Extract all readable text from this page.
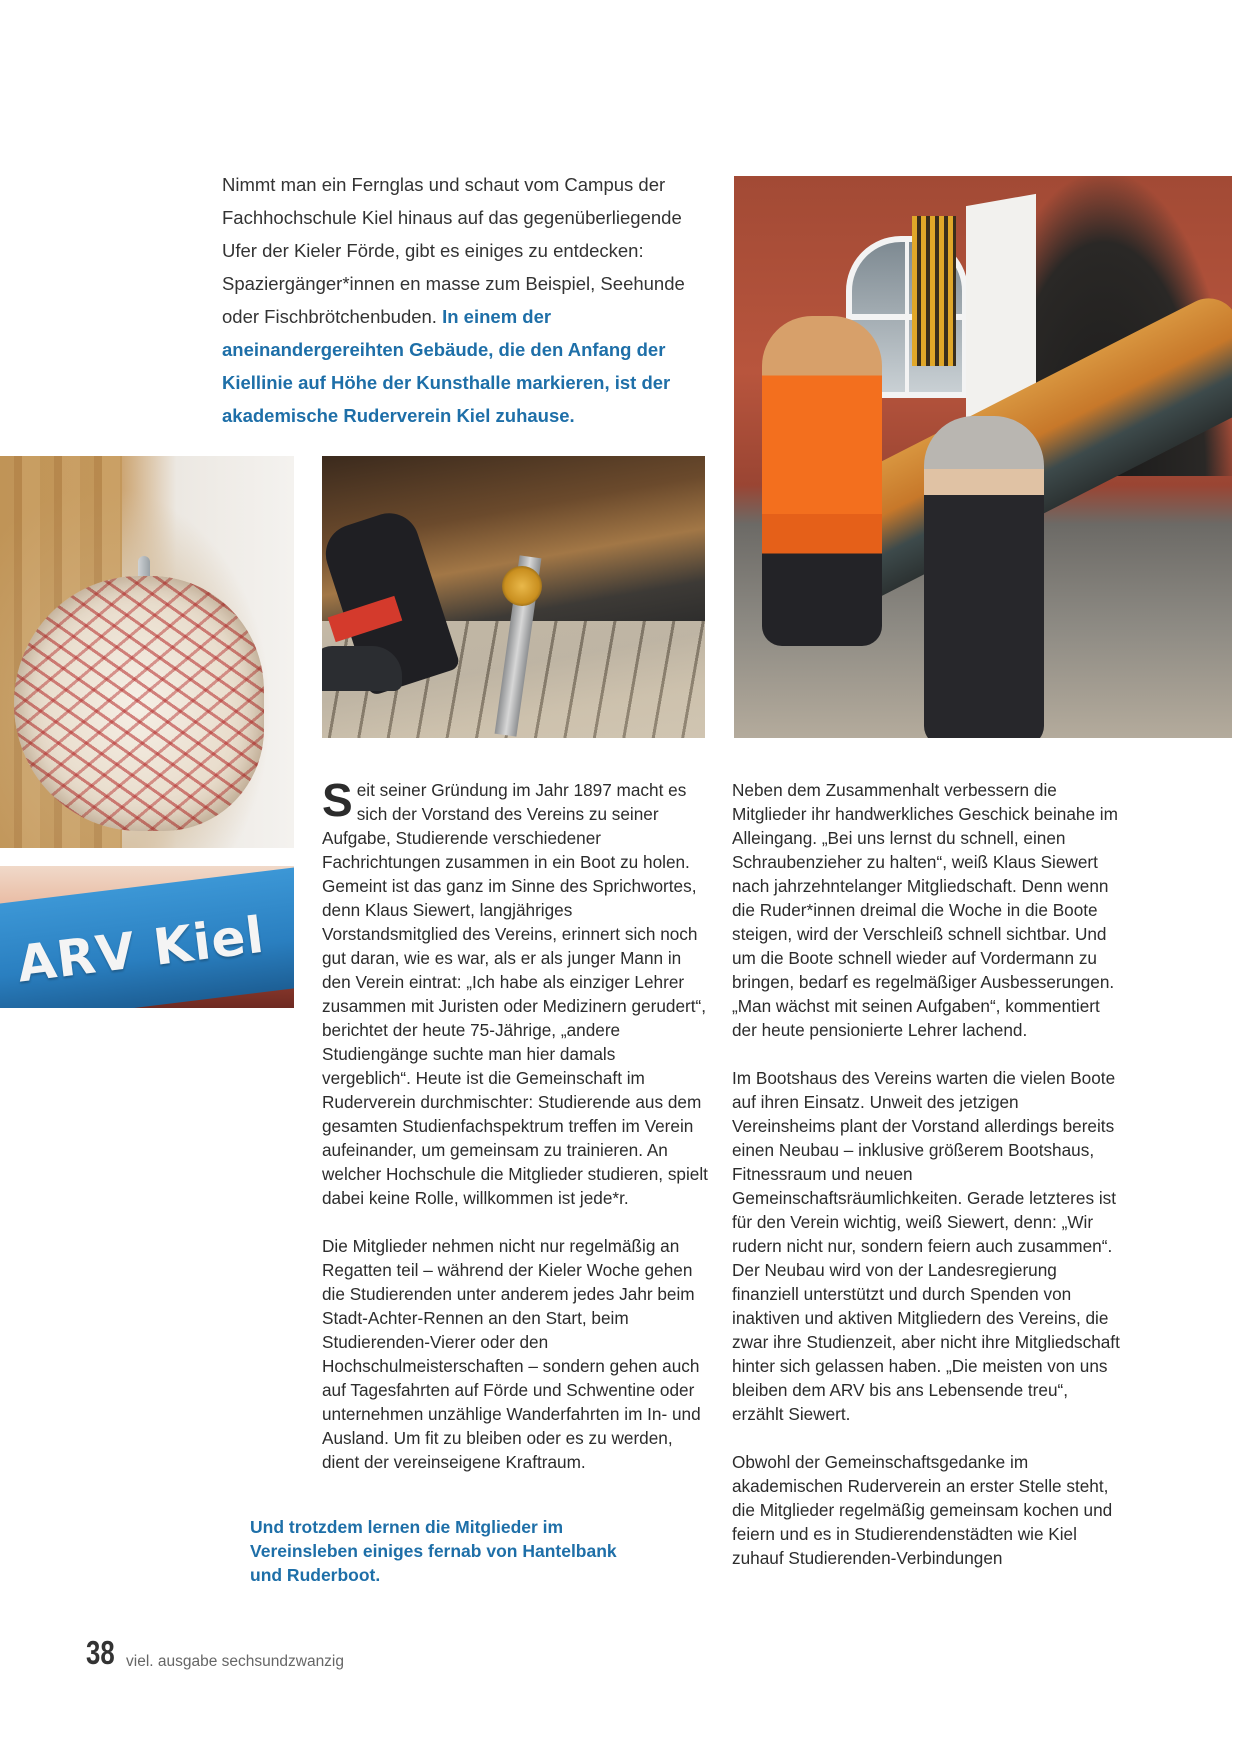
Nimmt man ein Fernglas und schaut vom Campus der Fachhochschule Kiel hinaus auf das gegenüberliegende Ufer der Kieler Förde, gibt es einiges zu entdecken: Spaziergänger*innen en masse zum Beispiel, Seehunde oder Fischbrötchenbuden. In einem der aneinandergereihten Gebäude, die den Anfang der Kiellinie auf Höhe der Kunsthalle markieren, ist der akademische Ruderverein Kiel zuhause.
ARV Kiel

S eit seiner Gründung im Jahr 1897 macht es sich der Vorstand des Vereins zu seiner Aufgabe, Studierende verschiedener Fachrichtungen zusammen in ein Boot zu holen. Gemeint ist das ganz im Sinne des Sprichwortes, denn Klaus Siewert, langjähriges Vorstandsmitglied des Vereins, erinnert sich noch gut daran, wie es war, als er als junger Mann in den Verein eintrat: „Ich habe als einziger Lehrer zusammen mit Juristen oder Medizinern gerudert“, berichtet der heute 75-Jährige, „andere Studiengänge suchte man hier damals vergeblich“. Heute ist die Gemeinschaft im Ruderverein durchmischter: Studierende aus dem gesamten Studienfachspektrum treffen im Verein aufeinander, um gemeinsam zu trainieren. An welcher Hochschule die Mitglieder studieren, spielt dabei keine Rolle, willkommen ist jede*r.

Die Mitglieder nehmen nicht nur regelmäßig an Regatten teil – während der Kieler Woche gehen die Studierenden unter anderem jedes Jahr beim Stadt-Achter-Rennen an den Start, beim Studierenden-Vierer oder den Hochschulmeisterschaften – sondern gehen auch auf Tagesfahrten auf Förde und Schwentine oder unternehmen unzählige Wanderfahrten im In- und Ausland. Um fit zu bleiben oder es zu werden, dient der vereinseigene Kraftraum.

Und trotzdem lernen die Mitglieder im Vereinsleben einiges fernab von Hantelbank und Ruderboot.

Neben dem Zusammenhalt verbessern die Mitglieder ihr handwerkliches Geschick beinahe im Alleingang. „Bei uns lernst du schnell, einen Schraubenzieher zu halten“, weiß Klaus Siewert nach jahrzehntelanger Mitgliedschaft. Denn wenn die Ruder*innen dreimal die Woche in die Boote steigen, wird der Verschleiß schnell sichtbar. Und um die Boote schnell wieder auf Vordermann zu bringen, bedarf es regelmäßiger Ausbesserungen. „Man wächst mit seinen Aufgaben“, kommentiert der heute pensionierte Lehrer lachend.

Im Bootshaus des Vereins warten die vielen Boote auf ihren Einsatz. Unweit des jetzigen Vereinsheims plant der Vorstand allerdings bereits einen Neubau – inklusive größerem Bootshaus, Fitnessraum und neuen Gemeinschaftsräumlichkeiten. Gerade letzteres ist für den Verein wichtig, weiß Siewert, denn: „Wir rudern nicht nur, sondern feiern auch zusammen“. Der Neubau wird von der Landesregierung finanziell unterstützt und durch Spenden von inaktiven und aktiven Mitgliedern des Vereins, die zwar ihre Studienzeit, aber nicht ihre Mitgliedschaft hinter sich gelassen haben. „Die meisten von uns bleiben dem ARV bis ans Lebensende treu“, erzählt Siewert.

Obwohl der Gemeinschaftsgedanke im akademischen Ruderverein an erster Stelle steht, die Mitglieder regelmäßig gemeinsam kochen und feiern und es in Studierendenstädten wie Kiel zuhauf Studierenden-Verbindungen

38 viel. ausgabe sechsundzwanzig
